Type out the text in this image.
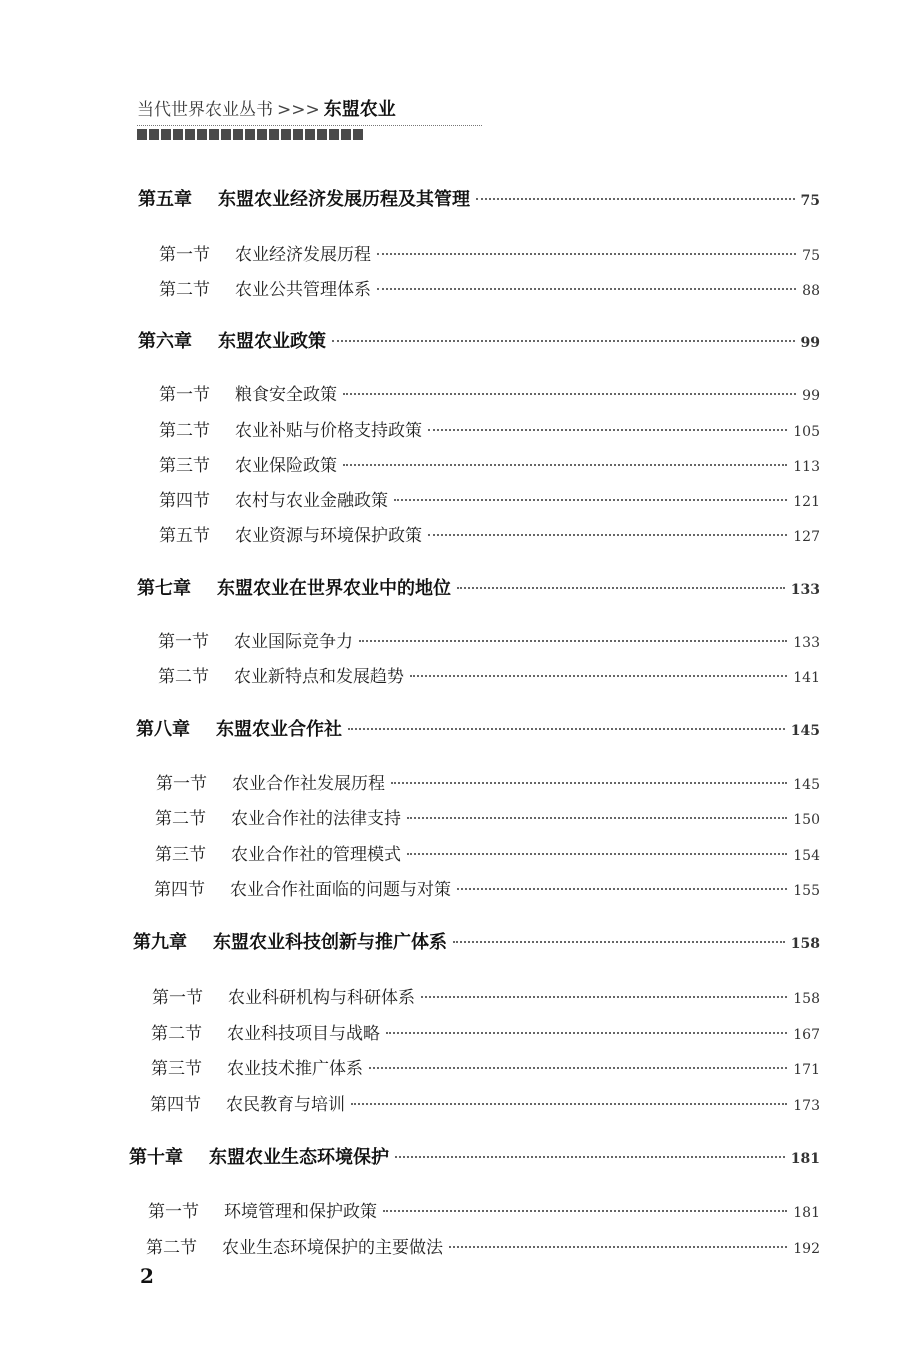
当代世界农业丛书 >>> 东盟农业
第五章	东盟农业经济发展历程及其管理	75
第一节	农业经济发展历程	75
第二节	农业公共管理体系	88
第六章	东盟农业政策	99
第一节	粮食安全政策	99
第二节	农业补贴与价格支持政策	105
第三节	农业保险政策	113
第四节	农村与农业金融政策	121
第五节	农业资源与环境保护政策	127
第七章	东盟农业在世界农业中的地位	133
第一节	农业国际竞争力	133
第二节	农业新特点和发展趋势	141
第八章	东盟农业合作社	145
第一节	农业合作社发展历程	145
第二节	农业合作社的法律支持	150
第三节	农业合作社的管理模式	154
第四节	农业合作社面临的问题与对策	155
第九章	东盟农业科技创新与推广体系	158
第一节	农业科研机构与科研体系	158
第二节	农业科技项目与战略	167
第三节	农业技术推广体系	171
第四节	农民教育与培训	173
第十章	东盟农业生态环境保护	181
第一节	环境管理和保护政策	181
第二节	农业生态环境保护的主要做法	192
2
